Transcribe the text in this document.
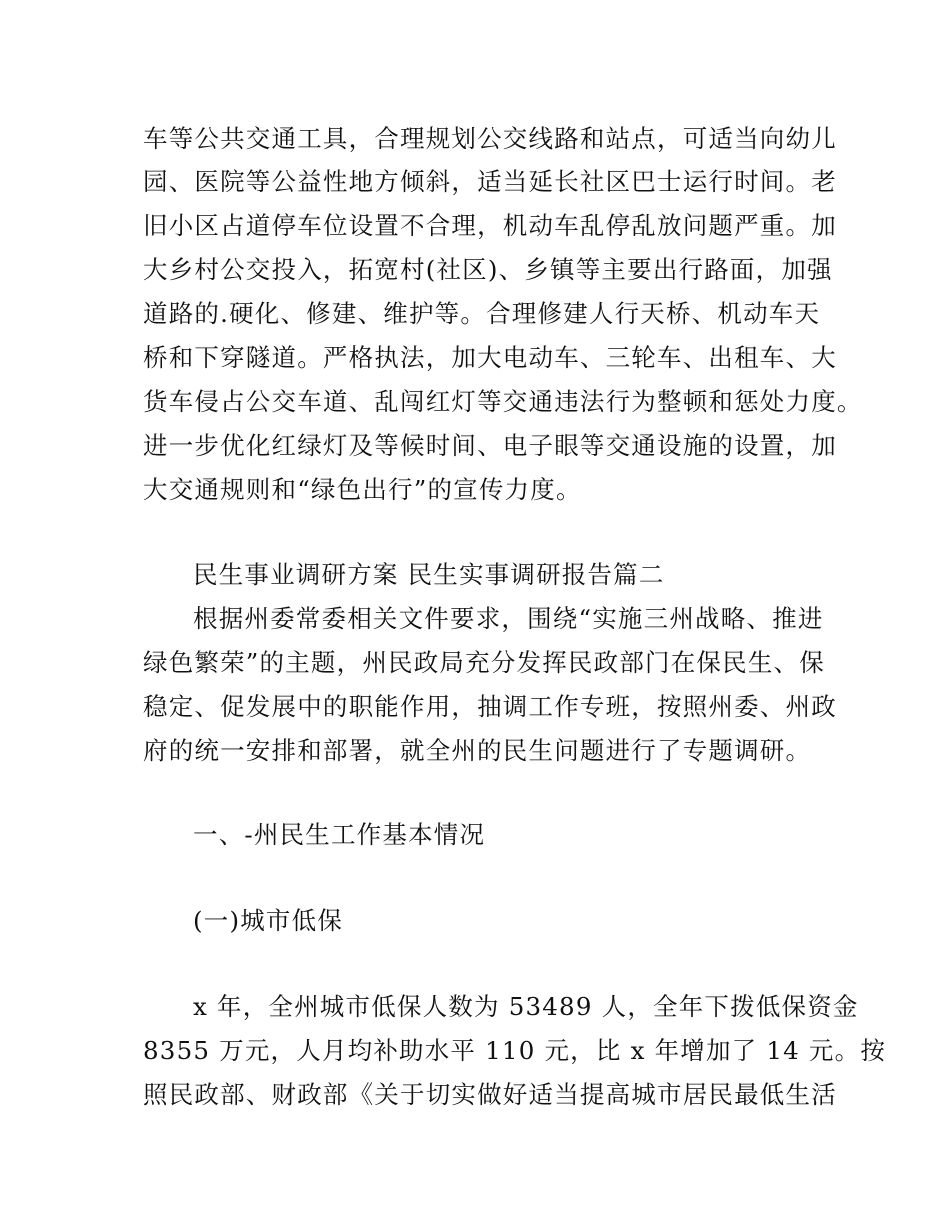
车等公共交通工具，合理规划公交线路和站点，可适当向幼儿
园、医院等公益性地方倾斜，适当延长社区巴士运行时间。老
旧小区占道停车位设置不合理，机动车乱停乱放问题严重。加
大乡村公交投入，拓宽村(社区)、乡镇等主要出行路面，加强
道路的.硬化、修建、维护等。合理修建人行天桥、机动车天
桥和下穿隧道。严格执法，加大电动车、三轮车、出租车、大
货车侵占公交车道、乱闯红灯等交通违法行为整顿和惩处力度。
进一步优化红绿灯及等候时间、电子眼等交通设施的设置，加
大交通规则和“绿色出行”的宣传力度。
民生事业调研方案 民生实事调研报告篇二
根据州委常委相关文件要求，围绕“实施三州战略、推进
绿色繁荣”的主题，州民政局充分发挥民政部门在保民生、保
稳定、促发展中的职能作用，抽调工作专班，按照州委、州政
府的统一安排和部署，就全州的民生问题进行了专题调研。
一、-州民生工作基本情况
(一)城市低保
x 年，全州城市低保人数为 53489 人，全年下拨低保资金
8355 万元，人月均补助水平 110 元，比 x 年增加了 14 元。按
照民政部、财政部《关于切实做好适当提高城市居民最低生活
